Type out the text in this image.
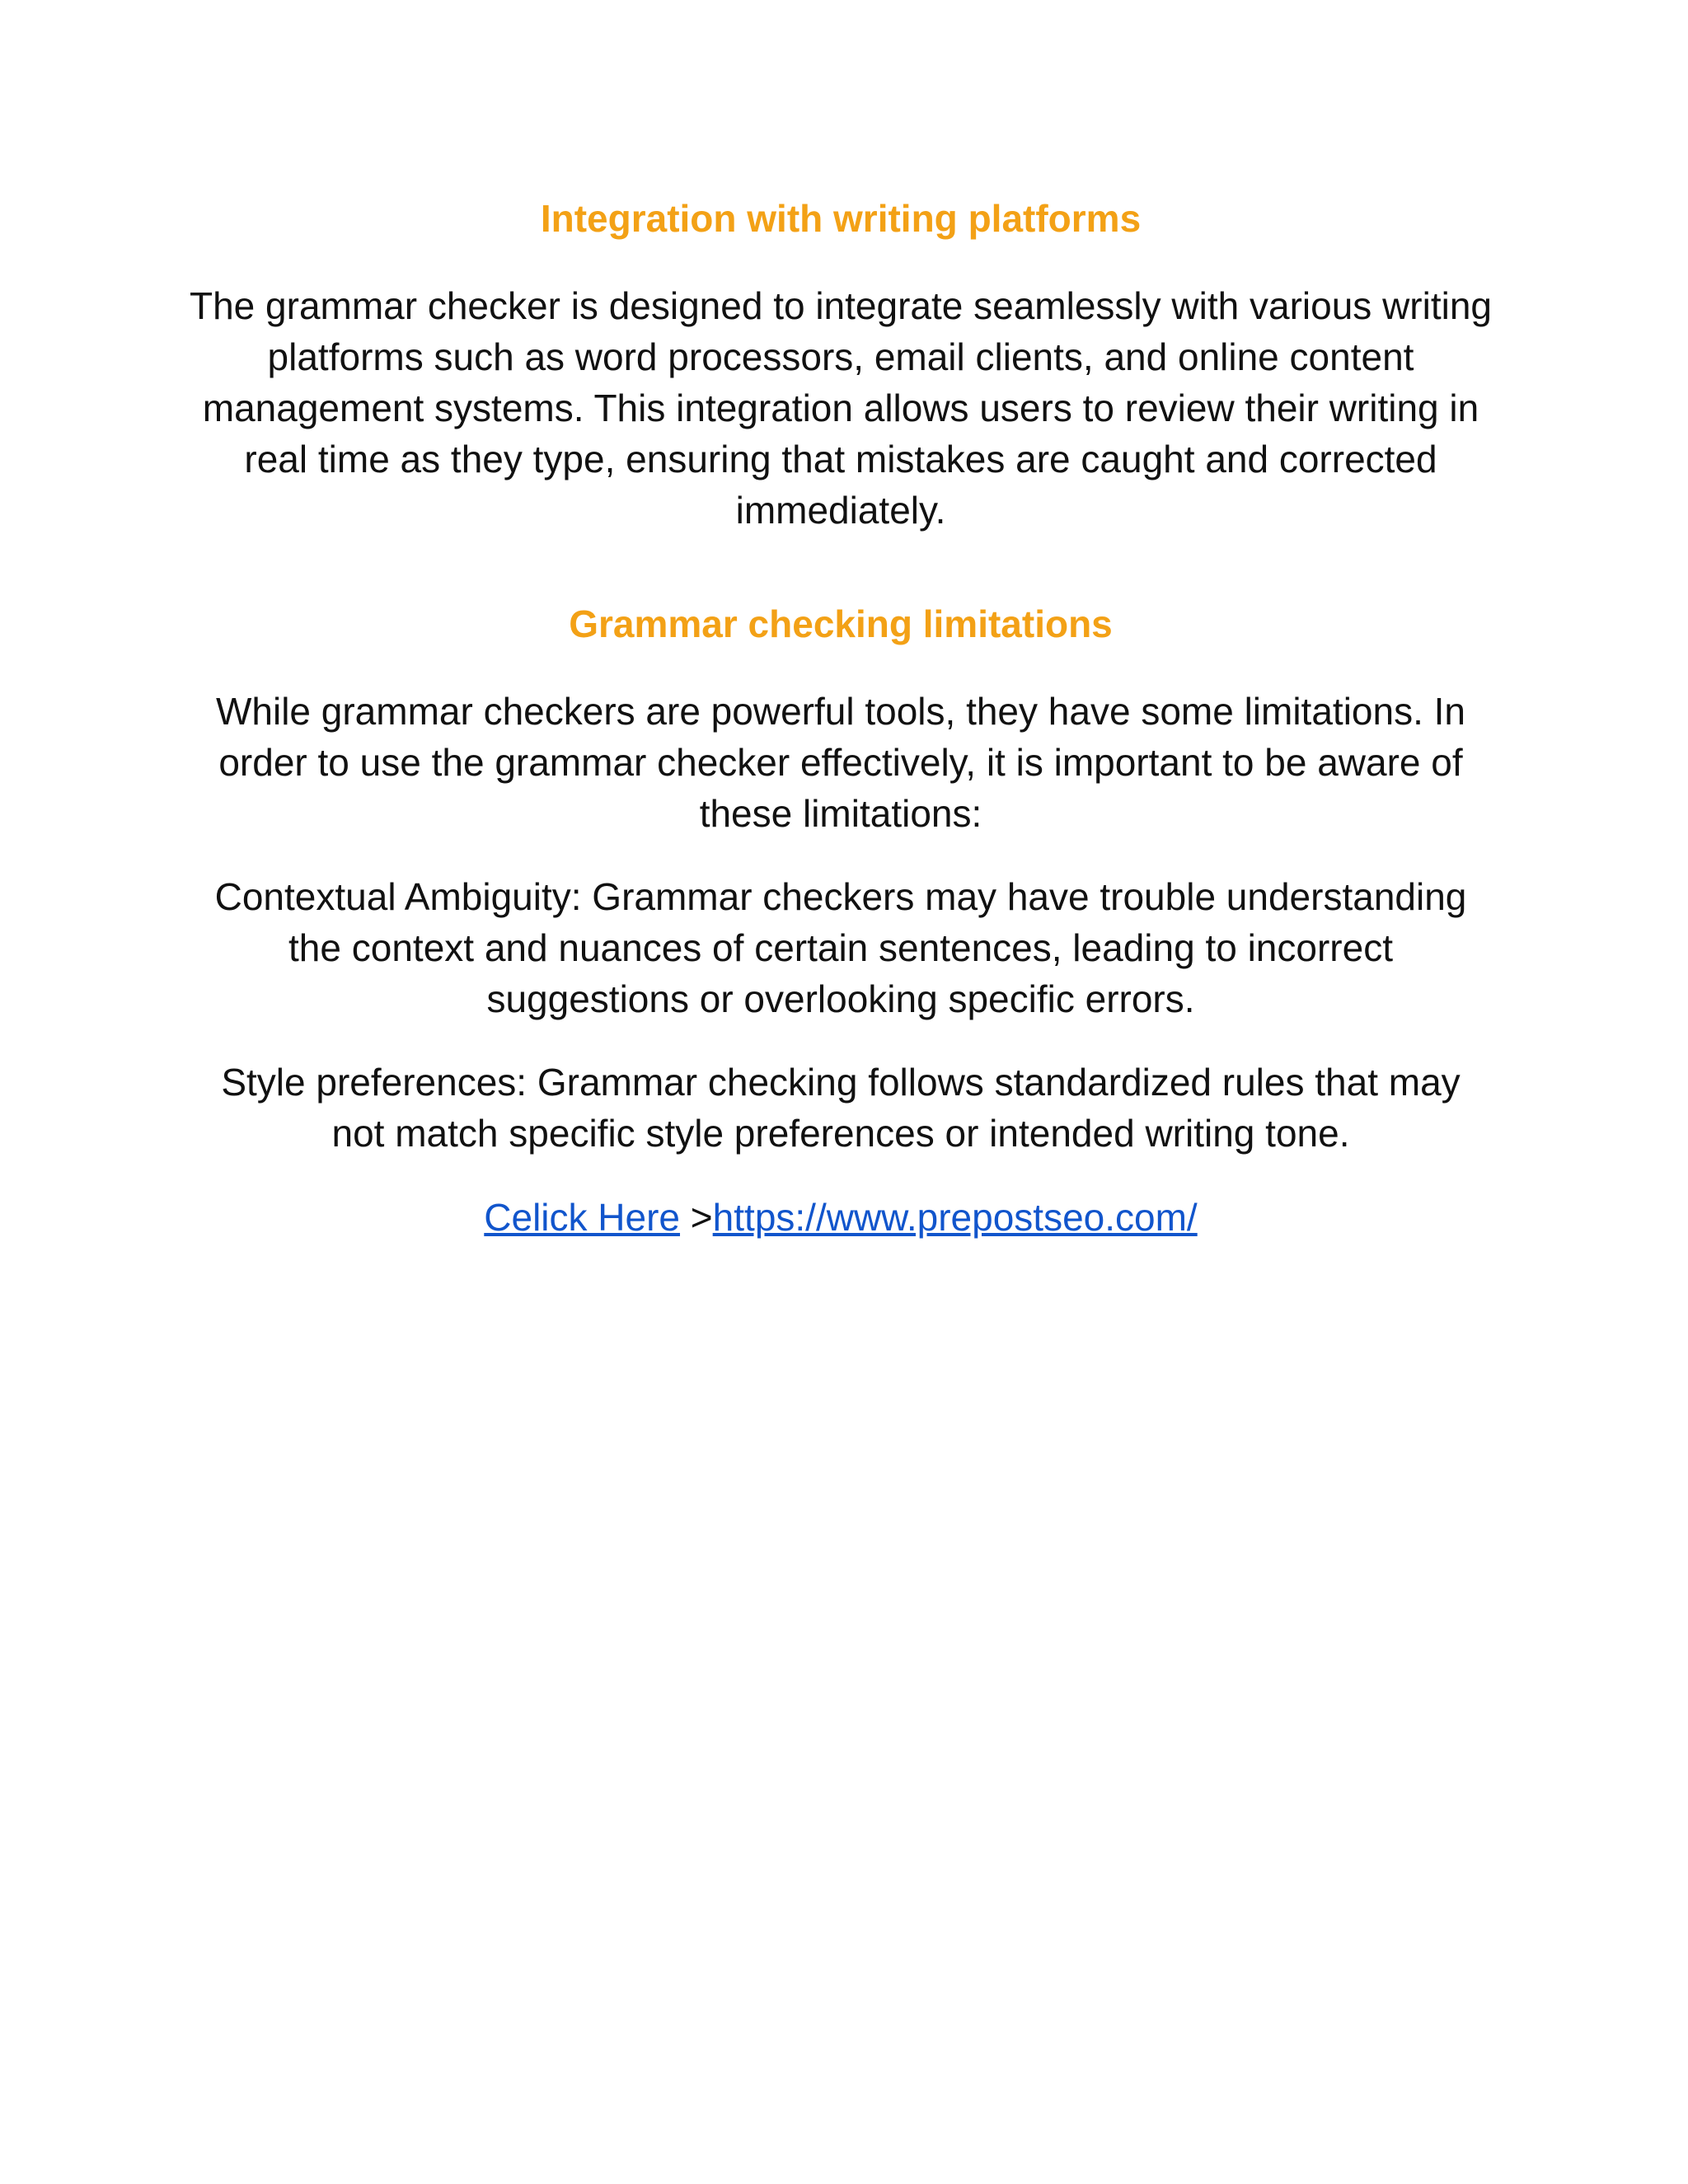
Integration with writing platforms

The grammar checker is designed to integrate seamlessly with various writing platforms such as word processors, email clients, and online content management systems. This integration allows users to review their writing in real time as they type, ensuring that mistakes are caught and corrected immediately.

Grammar checking limitations

While grammar checkers are powerful tools, they have some limitations. In order to use the grammar checker effectively, it is important to be aware of these limitations:

Contextual Ambiguity: Grammar checkers may have trouble understanding the context and nuances of certain sentences, leading to incorrect suggestions or overlooking specific errors.

Style preferences: Grammar checking follows standardized rules that may not match specific style preferences or intended writing tone.

Celick Here >https://www.prepostseo.com/
